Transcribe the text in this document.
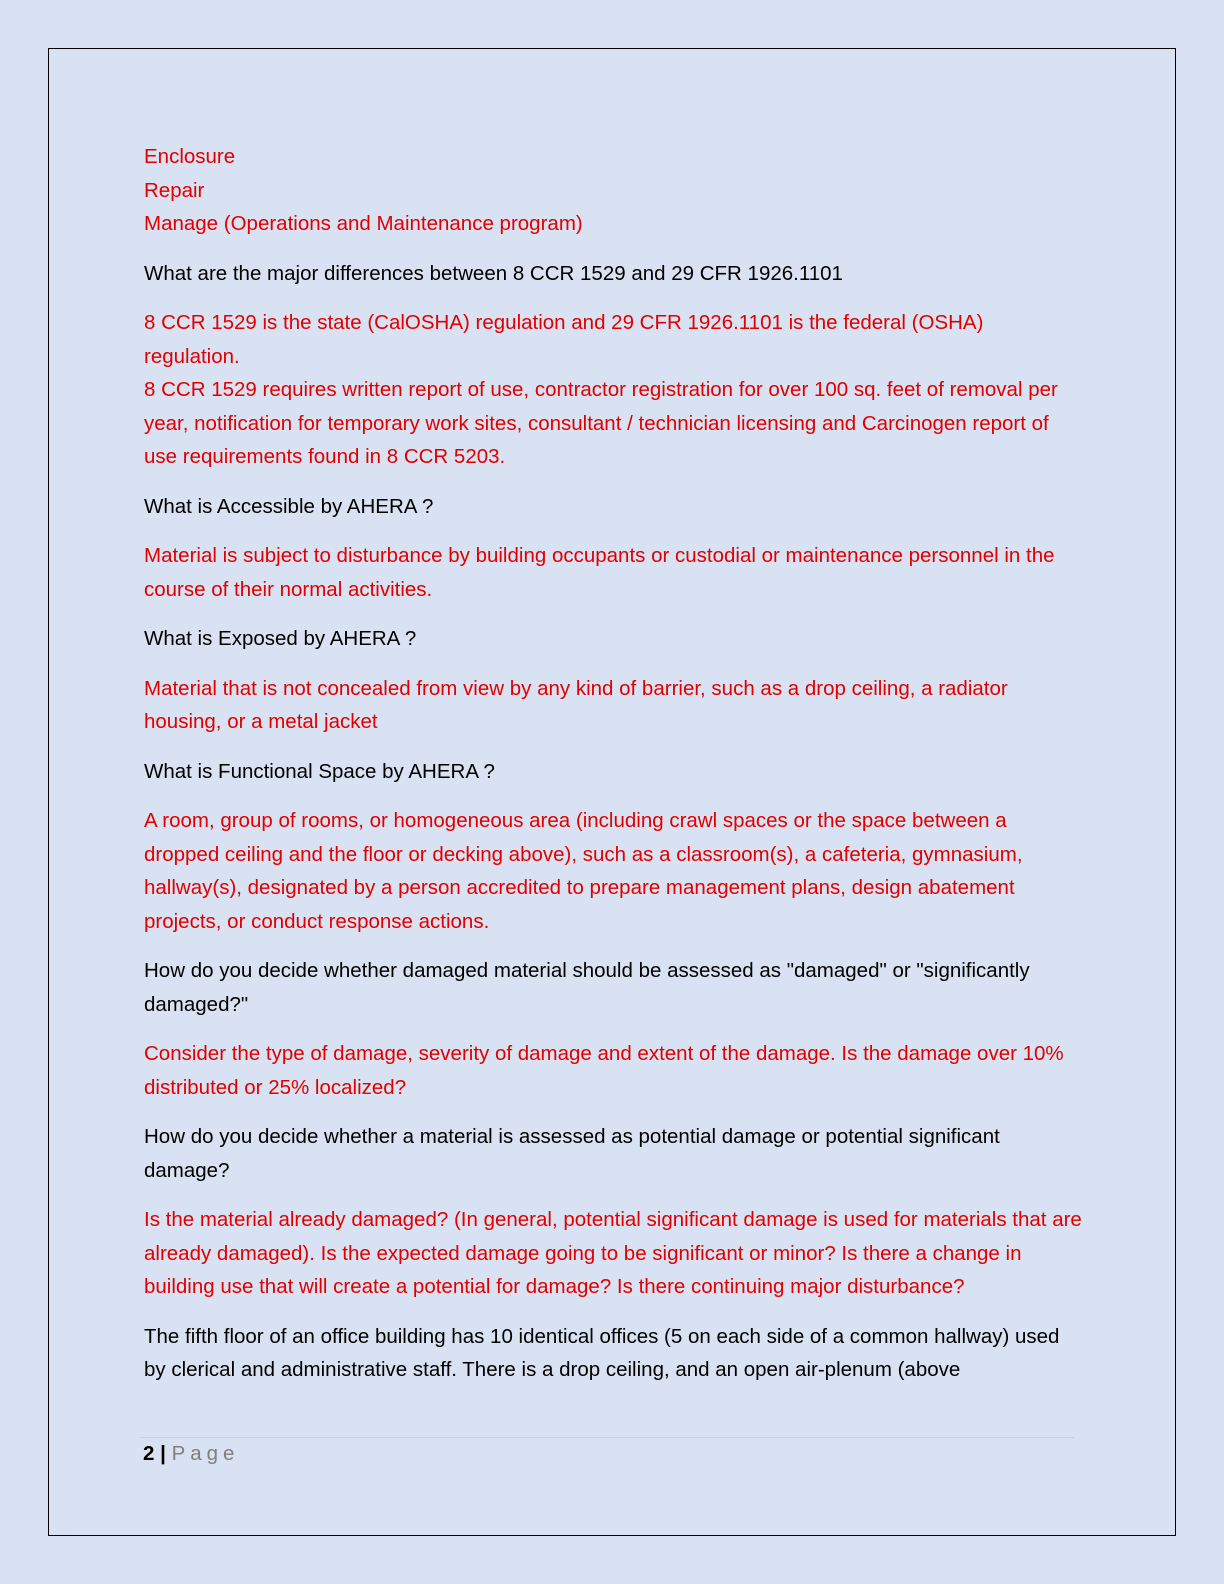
Enclosure

Repair

Manage (Operations and Maintenance program)

What are the major differences between 8 CCR 1529 and 29 CFR 1926.1101

8 CCR 1529 is the state (CalOSHA) regulation and 29 CFR 1926.1101 is the federal (OSHA) regulation.

8 CCR 1529 requires written report of use, contractor registration for over 100 sq. feet of removal per year, notification for temporary work sites, consultant / technician licensing and Carcinogen report of use requirements found in 8 CCR 5203.

What is Accessible by AHERA ?

Material is subject to disturbance by building occupants or custodial or maintenance personnel in the course of their normal activities.

What is Exposed by AHERA ?

Material that is not concealed from view by any kind of barrier, such as a drop ceiling, a radiator housing, or a metal jacket

What is Functional Space by AHERA ?

A room, group of rooms, or homogeneous area (including crawl spaces or the space between a dropped ceiling and the floor or decking above), such as a classroom(s), a cafeteria, gymnasium, hallway(s), designated by a person accredited to prepare management plans, design abatement projects, or conduct response actions.

How do you decide whether damaged material should be assessed as "damaged" or "significantly damaged?"

Consider the type of damage, severity of damage and extent of the damage. Is the damage over 10% distributed or 25% localized?

How do you decide whether a material is assessed as potential damage or potential significant damage?

Is the material already damaged? (In general, potential significant damage is used for materials that are already damaged). Is the expected damage going to be significant or minor? Is there a change in building use that will create a potential for damage? Is there continuing major disturbance?

The fifth floor of an office building has 10 identical offices (5 on each side of a common hallway) used by clerical and administrative staff. There is a drop ceiling, and an open air-plenum (above

2 | Page
